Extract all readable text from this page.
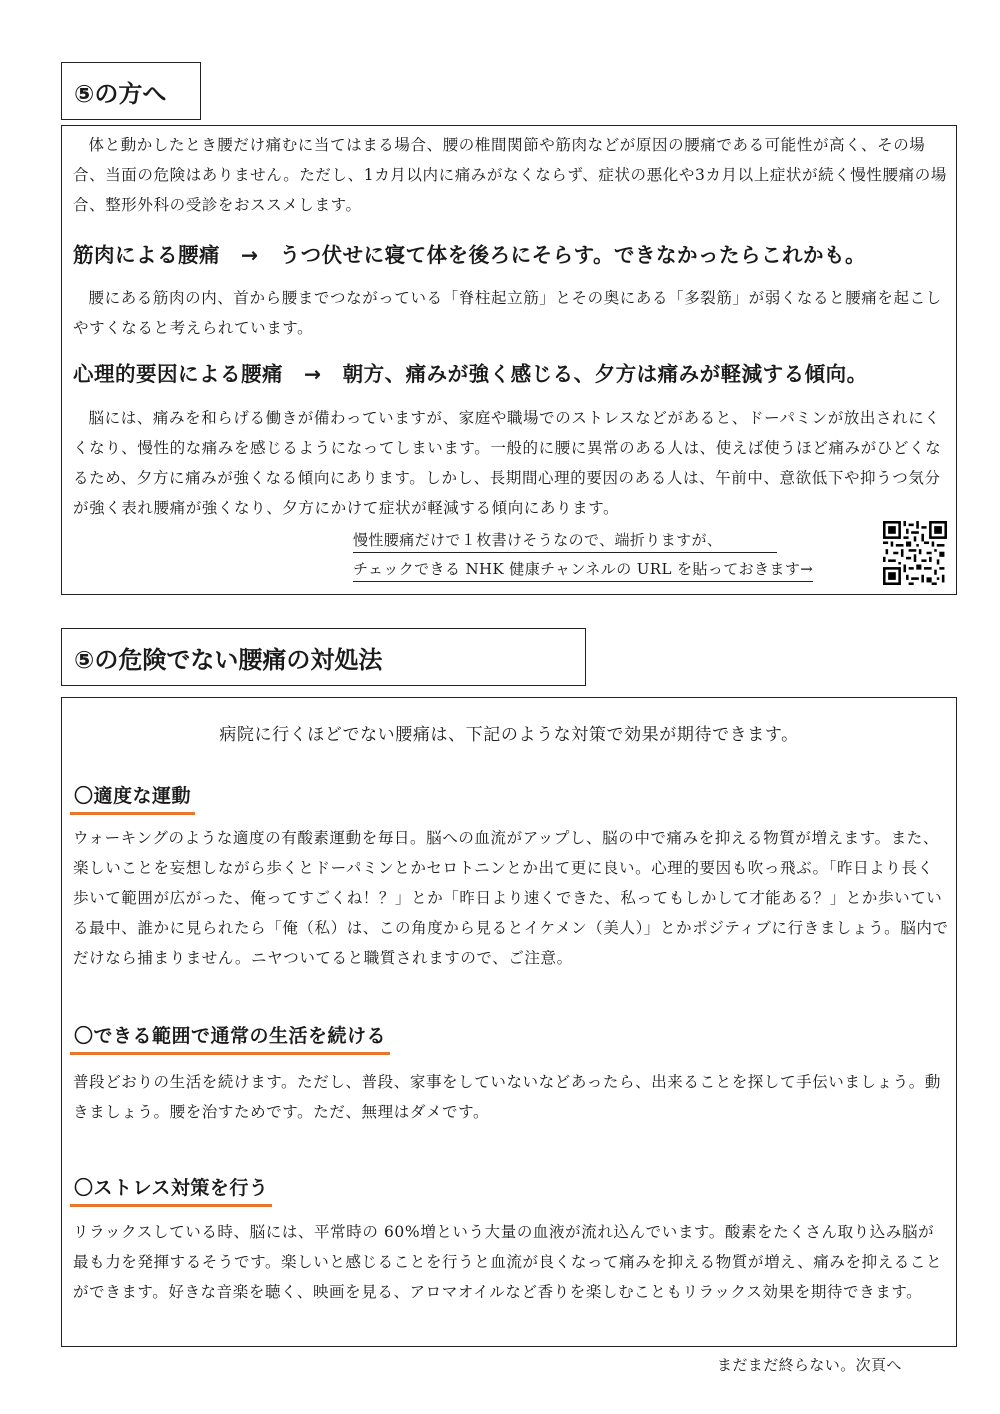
⑤の方へ

体と動かしたとき腰だけ痛むに当てはまる場合、腰の椎間関節や筋肉などが原因の腰痛である可能性が高く、その場合、当面の危険はありません。ただし、1カ月以内に痛みがなくならず、症状の悪化や3カ月以上症状が続く慢性腰痛の場合、整形外科の受診をおススメします。

筋肉による腰痛　→　うつ伏せに寝て体を後ろにそらす。できなかったらこれかも。

腰にある筋肉の内、首から腰までつながっている「脊柱起立筋」とその奥にある「多裂筋」が弱くなると腰痛を起こしやすくなると考えられています。

心理的要因による腰痛　→　朝方、痛みが強く感じる、夕方は痛みが軽減する傾向。

脳には、痛みを和らげる働きが備わっていますが、家庭や職場でのストレスなどがあると、ドーパミンが放出されにくくなり、慢性的な痛みを感じるようになってしまいます。一般的に腰に異常のある人は、使えば使うほど痛みがひどくなるため、夕方に痛みが強くなる傾向にあります。しかし、長期間心理的要因のある人は、午前中、意欲低下や抑うつ気分が強く表れ腰痛が強くなり、夕方にかけて症状が軽減する傾向にあります。

慢性腰痛だけで１枚書けそうなので、端折りますが、
チェックできる NHK 健康チャンネルの URL を貼っておきます→
⑤の危険でない腰痛の対処法
病院に行くほどでない腰痛は、下記のような対策で効果が期待できます。
〇適度な運動

ウォーキングのような適度の有酸素運動を毎日。脳への血流がアップし、脳の中で痛みを抑える物質が増えます。また、楽しいことを妄想しながら歩くとドーパミンとかセロトニンとか出て更に良い。心理的要因も吹っ飛ぶ。「昨日より長く歩いて範囲が広がった、俺ってすごくね！？」とか「昨日より速くできた、私ってもしかして才能ある？」とか歩いている最中、誰かに見られたら「俺（私）は、この角度から見るとイケメン（美人）」とかポジティブに行きましょう。脳内でだけなら捕まりません。ニヤついてると職質されますので、ご注意。

〇できる範囲で通常の生活を続ける

普段どおりの生活を続けます。ただし、普段、家事をしていないなどあったら、出来ることを探して手伝いましょう。動きましょう。腰を治すためです。ただ、無理はダメです。

〇ストレス対策を行う

リラックスしている時、脳には、平常時の 60%増という大量の血液が流れ込んでいます。酸素をたくさん取り込み脳が最も力を発揮するそうです。楽しいと感じることを行うと血流が良くなって痛みを抑える物質が増え、痛みを抑えることができます。好きな音楽を聴く、映画を見る、アロマオイルなど香りを楽しむこともリラックス効果を期待できます。

まだまだ終らない。次頁へ
